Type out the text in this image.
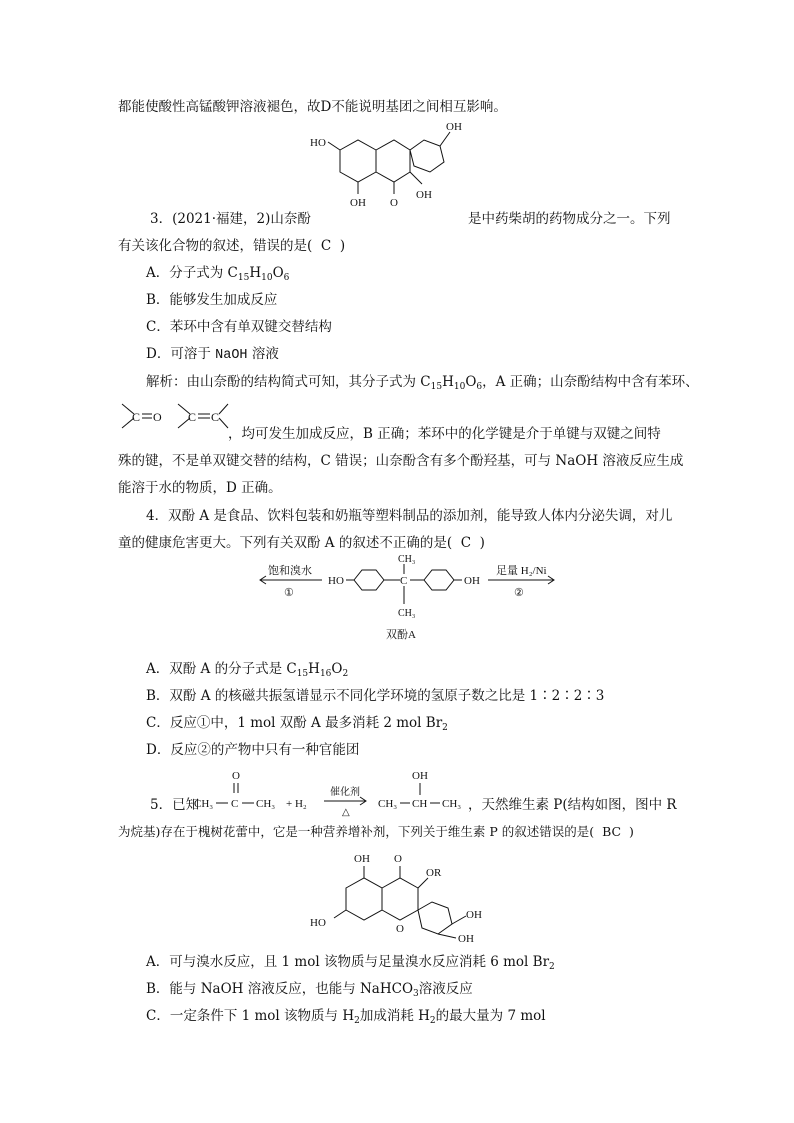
都能使酸性高锰酸钾溶液褪色，故D不能说明基团之间相互影响。
OH
HO
OH O
OH
3．(2021·福建，2)山奈酚	是中药柴胡的药物成分之一。下列
有关该化合物的叙述，错误的是( C )
A．分子式为 $C_{15}H_{10}O_6$
B．能够发生加成反应
C．苯环中含有单双键交替结构
D．可溶于 NaOH 溶液
解析：由山奈酚的结构简式可知，其分子式为 $C_{15}H_{10}O_6$，A 正确；山奈酚结构中含有苯环、
C O C C
，均可发生加成反应，B 正确；苯环中的化学键是介于单键与双键之间特
殊的键，不是单双键交替的结构，C 错误；山奈酚含有多个酚羟基，可与 NaOH 溶液反应生成
能溶于水的物质，D 正确。
4．双酚 A 是食品、饮料包装和奶瓶等塑料制品的添加剂，能导致人体内分泌失调，对儿
童的健康危害更大。下列有关双酚 A 的叙述不正确的是( C )
饱和溴水
①
HO	C
CH₃
CH₃
OH
足量 H₂/Ni
②
双酚A
A．双酚 A 的分子式是 $C_{15}H_{16}O_2$
B．双酚 A 的核磁共振氢谱显示不同化学环境的氢原子数之比是 1∶2∶2∶3
C．反应①中，1 mol 双酚 A 最多消耗 2 mol $Br_2$
D．反应②的产物中只有一种官能团
5．已知
O
CH₃ C CH₃ + H₂
催化剂
△
CH₃ CH
OH
CH₃ ，天然维生素 P(结构如图，图中 R
为烷基)存在于槐树花蕾中，它是一种营养增补剂，下列关于维生素 P 的叙述错误的是( BC )
OH O
OR
HO	O
OH
OH
A．可与溴水反应，且 1 mol 该物质与足量溴水反应消耗 6 mol $Br_2$
B．能与 NaOH 溶液反应，也能与 NaHCO$_3$溶液反应
C．一定条件下 1 mol 该物质与 $H_2$加成消耗 $H_2$的最大量为 7 mol
